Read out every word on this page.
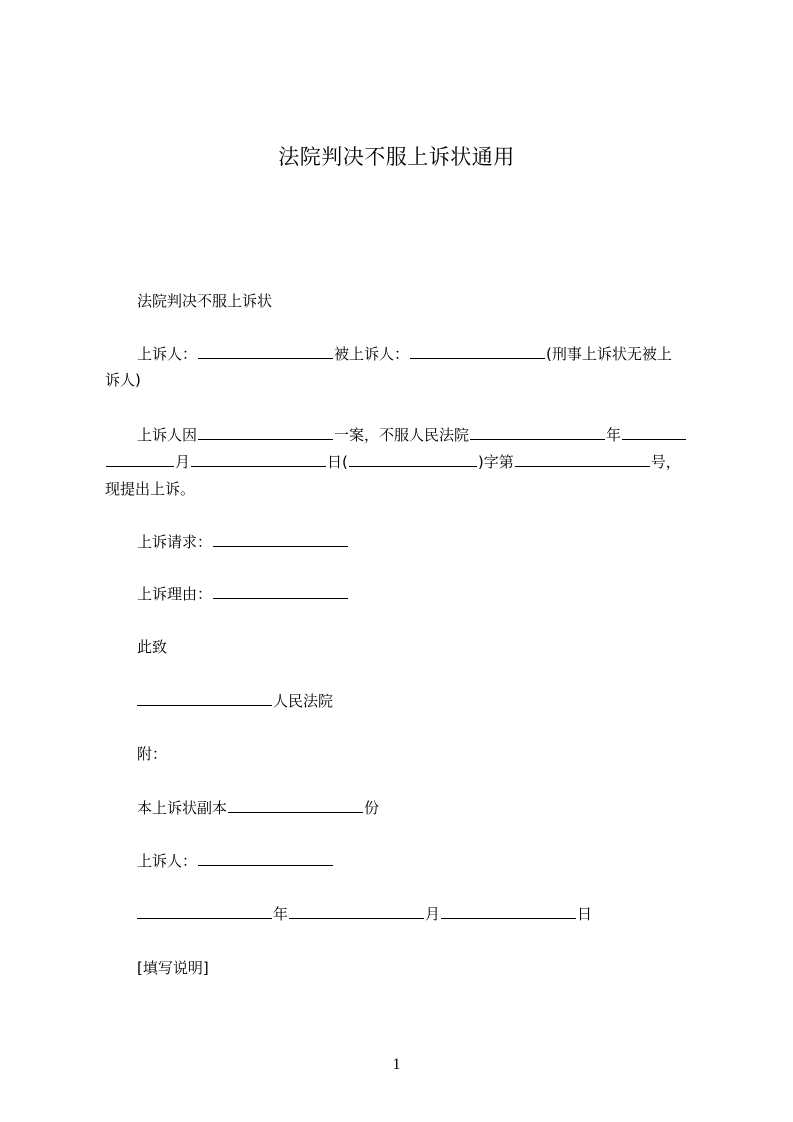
法院判决不服上诉状通用
法院判决不服上诉状
上诉人：	被上诉人：	(刑事上诉状无被上
诉人)
上诉人因	一案，不服人民法院	年
月	日(	)字第	号，
现提出上诉。
上诉请求：
上诉理由：
此致
人民法院
附：
本上诉状副本	份
上诉人：
年	月	日
[填写说明]
1
